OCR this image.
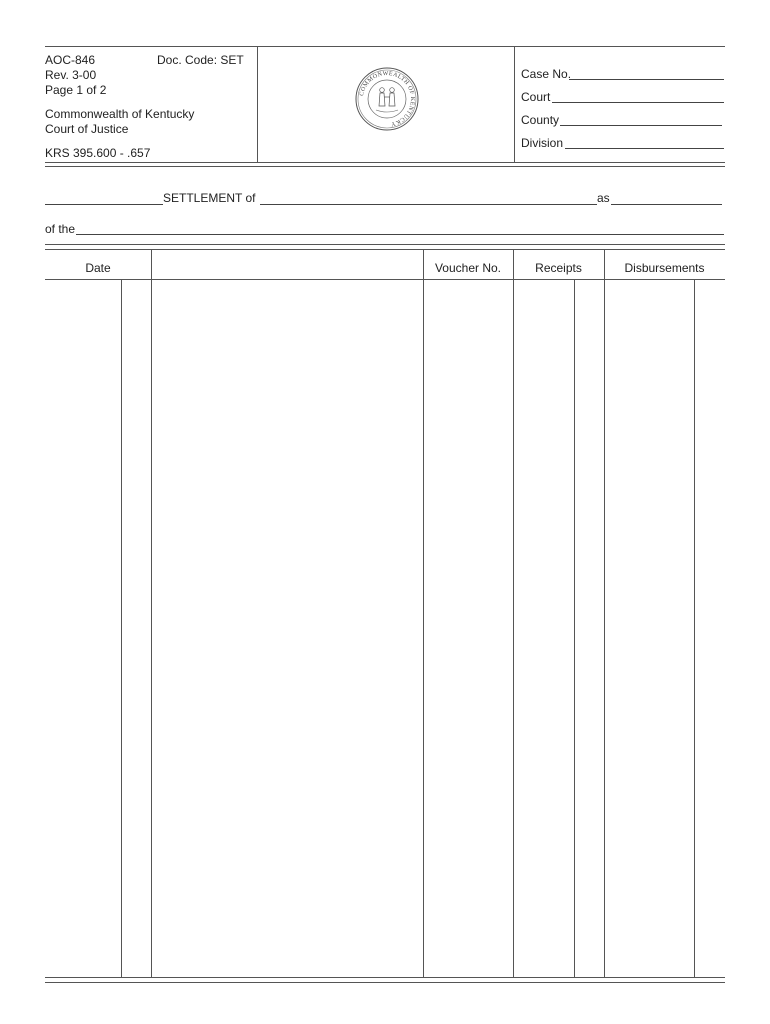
AOC-846	Doc. Code: SET
Rev. 3-00
Page 1 of 2
Commonwealth of Kentucky
Court of Justice
KRS 395.600 - .657
COMMONWEALTH OF KENTUCKY
Case No.
Court
County
Division
SETTLEMENT of	as
of the
Date	Voucher No.	Receipts	Disbursements
